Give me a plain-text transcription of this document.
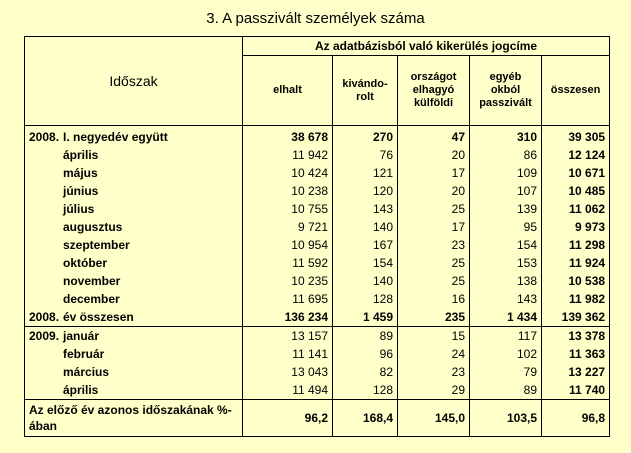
3. A passzivált személyek száma
Időszak	Az adatbázisból való kikerülés jogcíme				
	elhalt	kivándo-rolt	országot elhagyó külföldi	egyéb okból passzivált	összesen
2008. I. negyedév együtt	38 678	270	47	310	39 305
április	11 942	76	20	86	12 124
május	10 424	121	17	109	10 671
június	10 238	120	20	107	10 485
július	10 755	143	25	139	11 062
augusztus	9 721	140	17	95	9 973
szeptember	10 954	167	23	154	11 298
október	11 592	154	25	153	11 924
november	10 235	140	25	138	10 538
december	11 695	128	16	143	11 982
2008. év összesen	136 234	1 459	235	1 434	139 362
2009. január	13 157	89	15	117	13 378
február	11 141	96	24	102	11 363
március	13 043	82	23	79	13 227
április	11 494	128	29	89	11 740
Az előző év azonos időszakának %-ában	96,2	168,4	145,0	103,5	96,8
